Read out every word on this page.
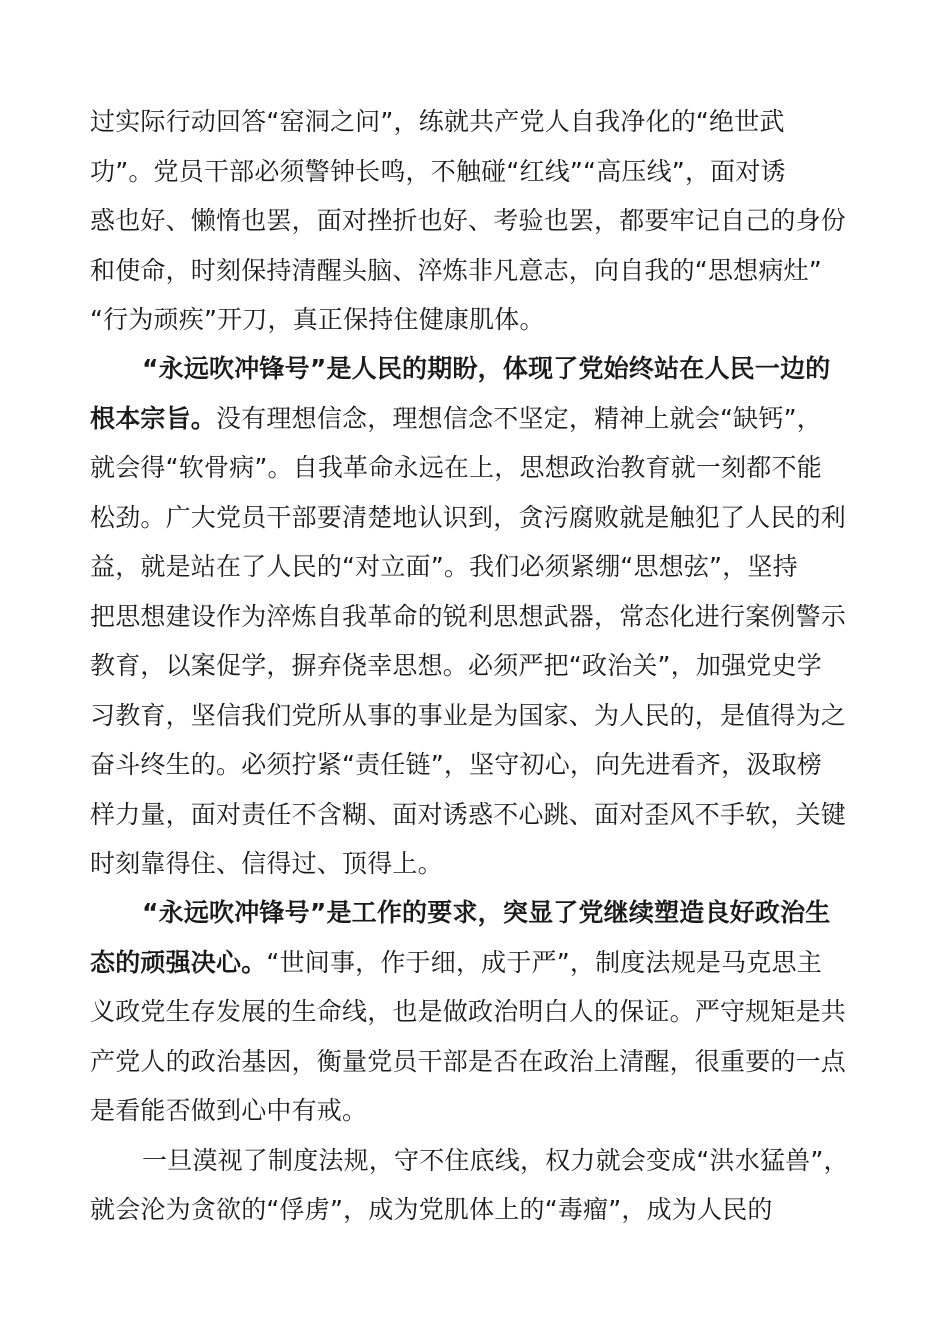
过实际行动回答“窑洞之问”，练就共产党人自我净化的“绝世武
功”。党员干部必须警钟长鸣，不触碰“红线”“高压线”，面对诱
惑也好、懒惰也罢，面对挫折也好、考验也罢，都要牢记自己的身份
和使命，时刻保持清醒头脑、淬炼非凡意志，向自我的“思想病灶”
“行为顽疾”开刀，真正保持住健康肌体。
“永远吹冲锋号”是人民的期盼，体现了党始终站在人民一边的
根本宗旨。没有理想信念，理想信念不坚定，精神上就会“缺钙”，
就会得“软骨病”。自我革命永远在上，思想政治教育就一刻都不能
松劲。广大党员干部要清楚地认识到，贪污腐败就是触犯了人民的利
益，就是站在了人民的“对立面”。我们必须紧绷“思想弦”，坚持
把思想建设作为淬炼自我革命的锐利思想武器，常态化进行案例警示
教育，以案促学，摒弃侥幸思想。必须严把“政治关”，加强党史学
习教育，坚信我们党所从事的事业是为国家、为人民的，是值得为之
奋斗终生的。必须拧紧“责任链”，坚守初心，向先进看齐，汲取榜
样力量，面对责任不含糊、面对诱惑不心跳、面对歪风不手软，关键
时刻靠得住、信得过、顶得上。
“永远吹冲锋号”是工作的要求，突显了党继续塑造良好政治生
态的顽强决心。“世间事，作于细，成于严”，制度法规是马克思主
义政党生存发展的生命线，也是做政治明白人的保证。严守规矩是共
产党人的政治基因，衡量党员干部是否在政治上清醒，很重要的一点
是看能否做到心中有戒。
一旦漠视了制度法规，守不住底线，权力就会变成“洪水猛兽”，
就会沦为贪欲的“俘虏”，成为党肌体上的“毒瘤”，成为人民的
